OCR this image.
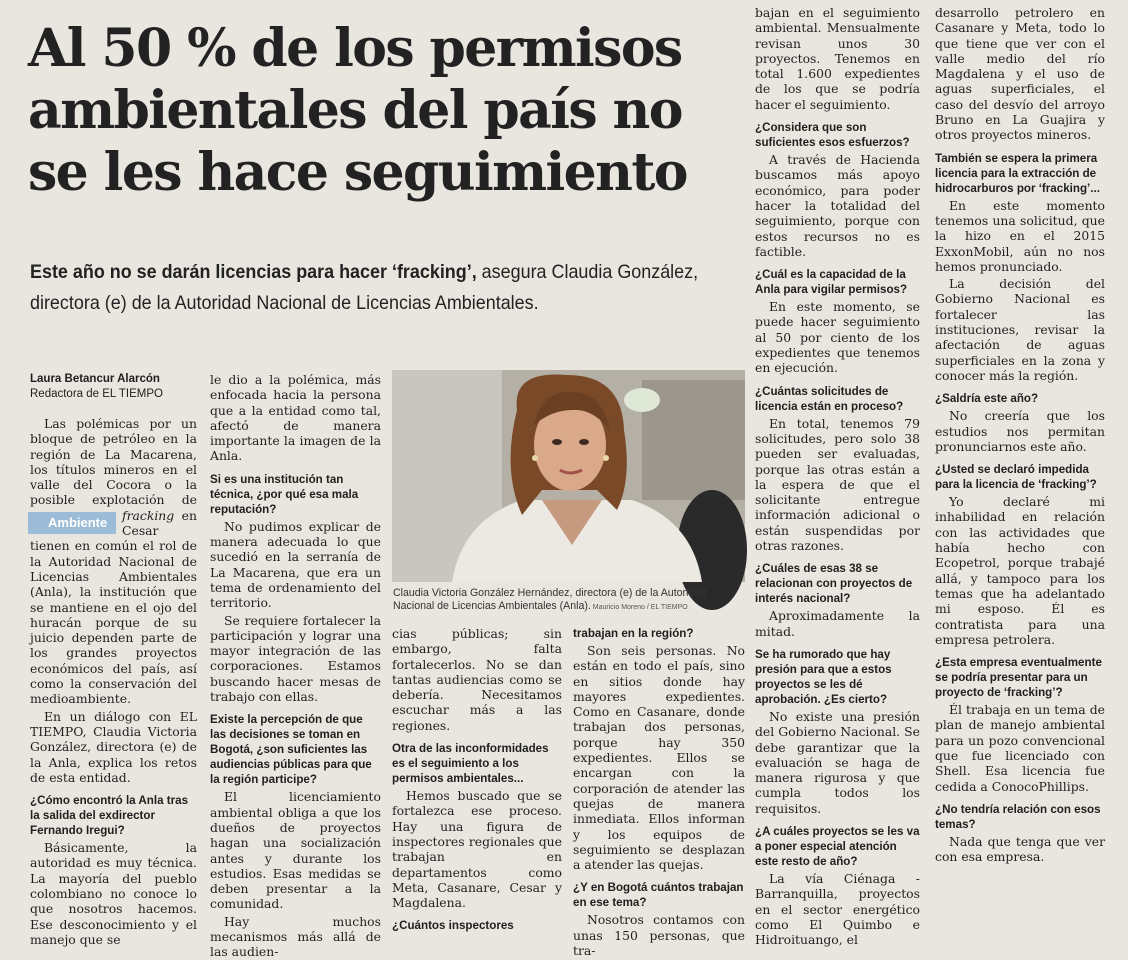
Al 50 % de los permisos ambientales del país no se les hace seguimiento
Este año no se darán licencias para hacer ‘fracking’, asegura Claudia González, directora (e) de la Autoridad Nacional de Licencias Ambientales.
Laura Betancur Alarcón
Redactora de EL TIEMPO

Las polémicas por un bloque de petróleo en la región de La Macarena, los títulos mineros en el valle del Cocora o la posible explotación de
Ambiente	fracking en Cesar tienen en común el rol de la Autoridad Nacional de Licencias Ambientales (Anla), la institución que se mantiene en el ojo del huracán porque de su juicio dependen parte de los grandes proyectos económicos del país, así como la conservación del medioambiente.

En un diálogo con EL TIEMPO, Claudia Victoria González, directora (e) de la Anla, explica los retos de esta entidad.

¿Cómo encontró la Anla tras la salida del exdirector Fernando Iregui?

Básicamente, la autoridad es muy técnica. La mayoría del pueblo colombiano no conoce lo que nosotros hacemos. Ese desconocimiento y el manejo que se

le dio a la polémica, más enfocada hacia la persona que a la entidad como tal, afectó de manera importante la imagen de la Anla.

Si es una institución tan técnica, ¿por qué esa mala reputación?

No pudimos explicar de manera adecuada lo que sucedió en la serranía de La Macarena, que era un tema de ordenamiento del territorio.

Se requiere fortalecer la participación y lograr una mayor integración de las corporaciones. Estamos buscando hacer mesas de trabajo con ellas.

Existe la percepción de que las decisiones se toman en Bogotá, ¿son suficientes las audiencias públicas para que la región participe?

El licenciamiento ambiental obliga a que los dueños de proyectos hagan una socialización antes y durante los estudios. Esas medidas se deben presentar a la comunidad.

Hay muchos mecanismos más allá de las audien-

Claudia Victoria González Hernández, directora (e) de la Autoridad Nacional de Licencias Ambientales (Anla). Mauricio Moreno / EL TIEMPO

cias públicas; sin embargo, falta fortalecerlos. No se dan tantas audiencias como se debería. Necesitamos escuchar más a las regiones.

Otra de las inconformidades es el seguimiento a los permisos ambientales...

Hemos buscado que se fortalezca ese proceso. Hay una figura de inspectores regionales que trabajan en departamentos como Meta, Casanare, Cesar y Magdalena.

¿Cuántos inspectores
trabajan en la región?

Son seis personas. No están en todo el país, sino en sitios donde hay mayores expedientes. Como en Casanare, donde trabajan dos personas, porque hay 350 expedientes. Ellos se encargan con la corporación de atender las quejas de manera inmediata. Ellos informan y los equipos de seguimiento se desplazan a atender las quejas.

¿Y en Bogotá cuántos trabajan en ese tema?

Nosotros contamos con unas 150 personas, que tra-

bajan en el seguimiento ambiental. Mensualmente revisan unos 30 proyectos. Tenemos en total 1.600 expedientes de los que se podría hacer el seguimiento.

¿Considera que son suficientes esos esfuerzos?

A través de Hacienda buscamos más apoyo económico, para poder hacer la totalidad del seguimiento, porque con estos recursos no es factible.

¿Cuál es la capacidad de la Anla para vigilar permisos?

En este momento, se puede hacer seguimiento al 50 por ciento de los expedientes que tenemos en ejecución.

¿Cuántas solicitudes de licencia están en proceso?

En total, tenemos 79 solicitudes, pero solo 38 pueden ser evaluadas, porque las otras están a la espera de que el solicitante entregue información adicional o están suspendidas por otras razones.

¿Cuáles de esas 38 se relacionan con proyectos de interés nacional?

Aproximadamente la mitad.

Se ha rumorado que hay presión para que a estos proyectos se les dé aprobación. ¿Es cierto?

No existe una presión del Gobierno Nacional. Se debe garantizar que la evaluación se haga de manera rigurosa y que cumpla todos los requisitos.

¿A cuáles proyectos se les va a poner especial atención este resto de año?

La vía Ciénaga - Barranquilla, proyectos en el sector energético como El Quimbo e Hidroituango, el

desarrollo petrolero en Casanare y Meta, todo lo que tiene que ver con el valle medio del río Magdalena y el uso de aguas superficiales, el caso del desvío del arroyo Bruno en La Guajira y otros proyectos mineros.

También se espera la primera licencia para la extracción de hidrocarburos por ‘fracking’...

En este momento tenemos una solicitud, que la hizo en el 2015 ExxonMobil, aún no nos hemos pronunciado.

La decisión del Gobierno Nacional es fortalecer las instituciones, revisar la afectación de aguas superficiales en la zona y conocer más la región.

¿Saldría este año?

No creería que los estudios nos permitan pronunciarnos este año.

¿Usted se declaró impedida para la licencia de ‘fracking’?

Yo declaré mi inhabilidad en relación con las actividades que había hecho con Ecopetrol, porque trabajé allá, y tampoco para los temas que ha adelantado mi esposo. Él es contratista para una empresa petrolera.

¿Esta empresa eventualmente se podría presentar para un proyecto de ‘fracking’?

Él trabaja en un tema de plan de manejo ambiental para un pozo convencional que fue licenciado con Shell. Esa licencia fue cedida a ConocoPhillips.

¿No tendría relación con esos temas?

Nada que tenga que ver con esa empresa.
